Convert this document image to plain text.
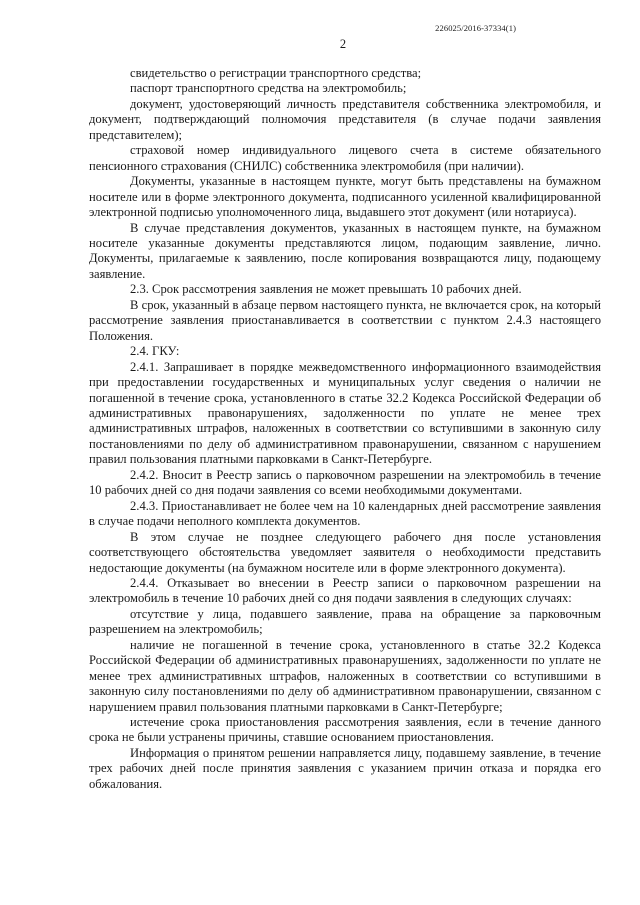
226025/2016-37334(1)
2

свидетельство о регистрации транспортного средства;

паспорт транспортного средства на электромобиль;

документ, удостоверяющий личность представителя собственника электромобиля, и документ, подтверждающий полномочия представителя (в случае подачи заявления представителем);

страховой номер индивидуального лицевого счета в системе обязательного пенсионного страхования (СНИЛС) собственника электромобиля (при наличии).

Документы, указанные в настоящем пункте, могут быть представлены на бумажном носителе или в форме электронного документа, подписанного усиленной квалифицированной электронной подписью уполномоченного лица, выдавшего этот документ (или нотариуса).

В случае представления документов, указанных в настоящем пункте, на бумажном носителе указанные документы представляются лицом, подающим заявление, лично. Документы, прилагаемые к заявлению, после копирования возвращаются лицу, подающему заявление.

2.3. Срок рассмотрения заявления не может превышать 10 рабочих дней.

В срок, указанный в абзаце первом настоящего пункта, не включается срок, на который рассмотрение заявления приостанавливается в соответствии с пунктом 2.4.3 настоящего Положения.

2.4. ГКУ:

2.4.1. Запрашивает в порядке межведомственного информационного взаимодействия при предоставлении государственных и муниципальных услуг сведения о наличии не погашенной в течение срока, установленного в статье 32.2 Кодекса Российской Федерации об административных правонарушениях, задолженности по уплате не менее трех административных штрафов, наложенных в соответствии со вступившими в законную силу постановлениями по делу об административном правонарушении, связанном с нарушением правил пользования платными парковками в Санкт-Петербурге.

2.4.2. Вносит в Реестр запись о парковочном разрешении на электромобиль в течение 10 рабочих дней со дня подачи заявления со всеми необходимыми документами.

2.4.3. Приостанавливает не более чем на 10 календарных дней рассмотрение заявления в случае подачи неполного комплекта документов.

В этом случае не позднее следующего рабочего дня после установления соответствующего обстоятельства уведомляет заявителя о необходимости представить недостающие документы (на бумажном носителе или в форме электронного документа).

2.4.4. Отказывает во внесении в Реестр записи о парковочном разрешении на электромобиль в течение 10 рабочих дней со дня подачи заявления в следующих случаях:

отсутствие у лица, подавшего заявление, права на обращение за парковочным разрешением на электромобиль;

наличие не погашенной в течение срока, установленного в статье 32.2 Кодекса Российской Федерации об административных правонарушениях, задолженности по уплате не менее трех административных штрафов, наложенных в соответствии со вступившими в законную силу постановлениями по делу об административном правонарушении, связанном с нарушением правил пользования платными парковками в Санкт-Петербурге;

истечение срока приостановления рассмотрения заявления, если в течение данного срока не были устранены причины, ставшие основанием приостановления.

Информация о принятом решении направляется лицу, подавшему заявление, в течение трех рабочих дней после принятия заявления с указанием причин отказа и порядка его обжалования.
